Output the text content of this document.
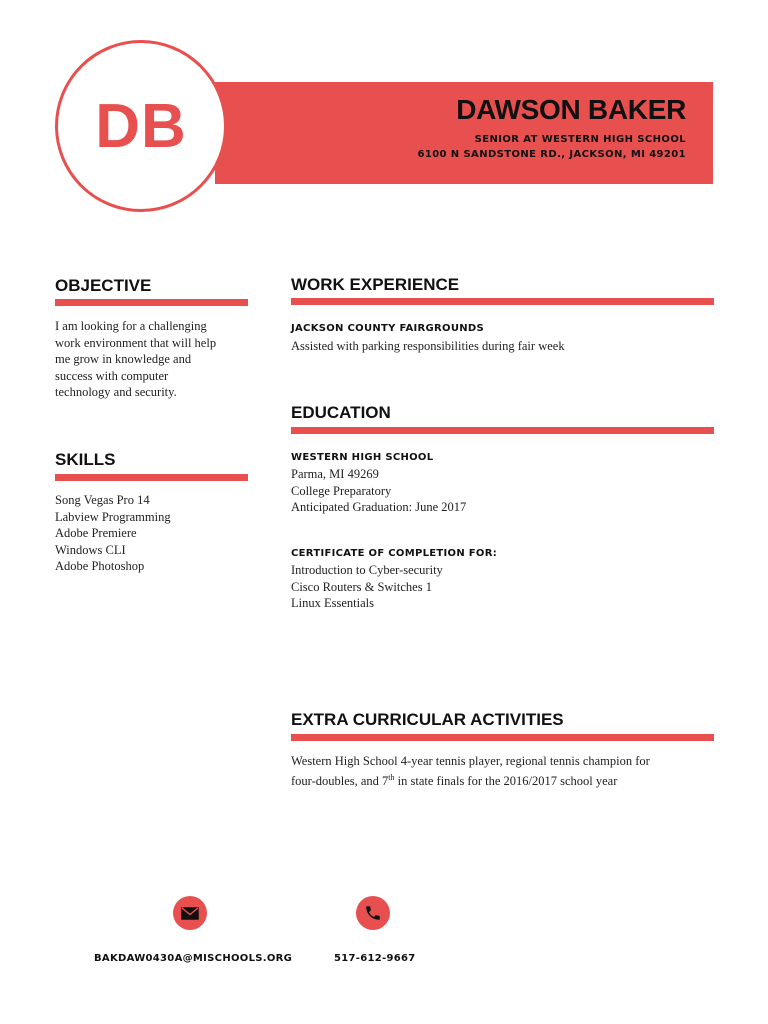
DB	DAWSON BAKER
SENIOR AT WESTERN HIGH SCHOOL
6100 N SANDSTONE RD., JACKSON, MI 49201
OBJECTIVE
I am looking for a challenging
work environment that will help
me grow in knowledge and
success with computer
technology and security.
SKILLS
Song Vegas Pro 14
Labview Programming
Adobe Premiere
Windows CLI
Adobe Photoshop
WORK EXPERIENCE
JACKSON COUNTY FAIRGROUNDS
Assisted with parking responsibilities during fair week
EDUCATION
WESTERN HIGH SCHOOL
Parma, MI 49269
College Preparatory
Anticipated Graduation: June 2017
CERTIFICATE OF COMPLETION FOR:
Introduction to Cyber-security
Cisco Routers & Switches 1
Linux Essentials
EXTRA CURRICULAR ACTIVITIES
Western High School 4-year tennis player, regional tennis champion for
four-doubles, and 7th in state finals for the 2016/2017 school year
BAKDAW0430A@MISCHOOLS.ORG	517-612-9667
